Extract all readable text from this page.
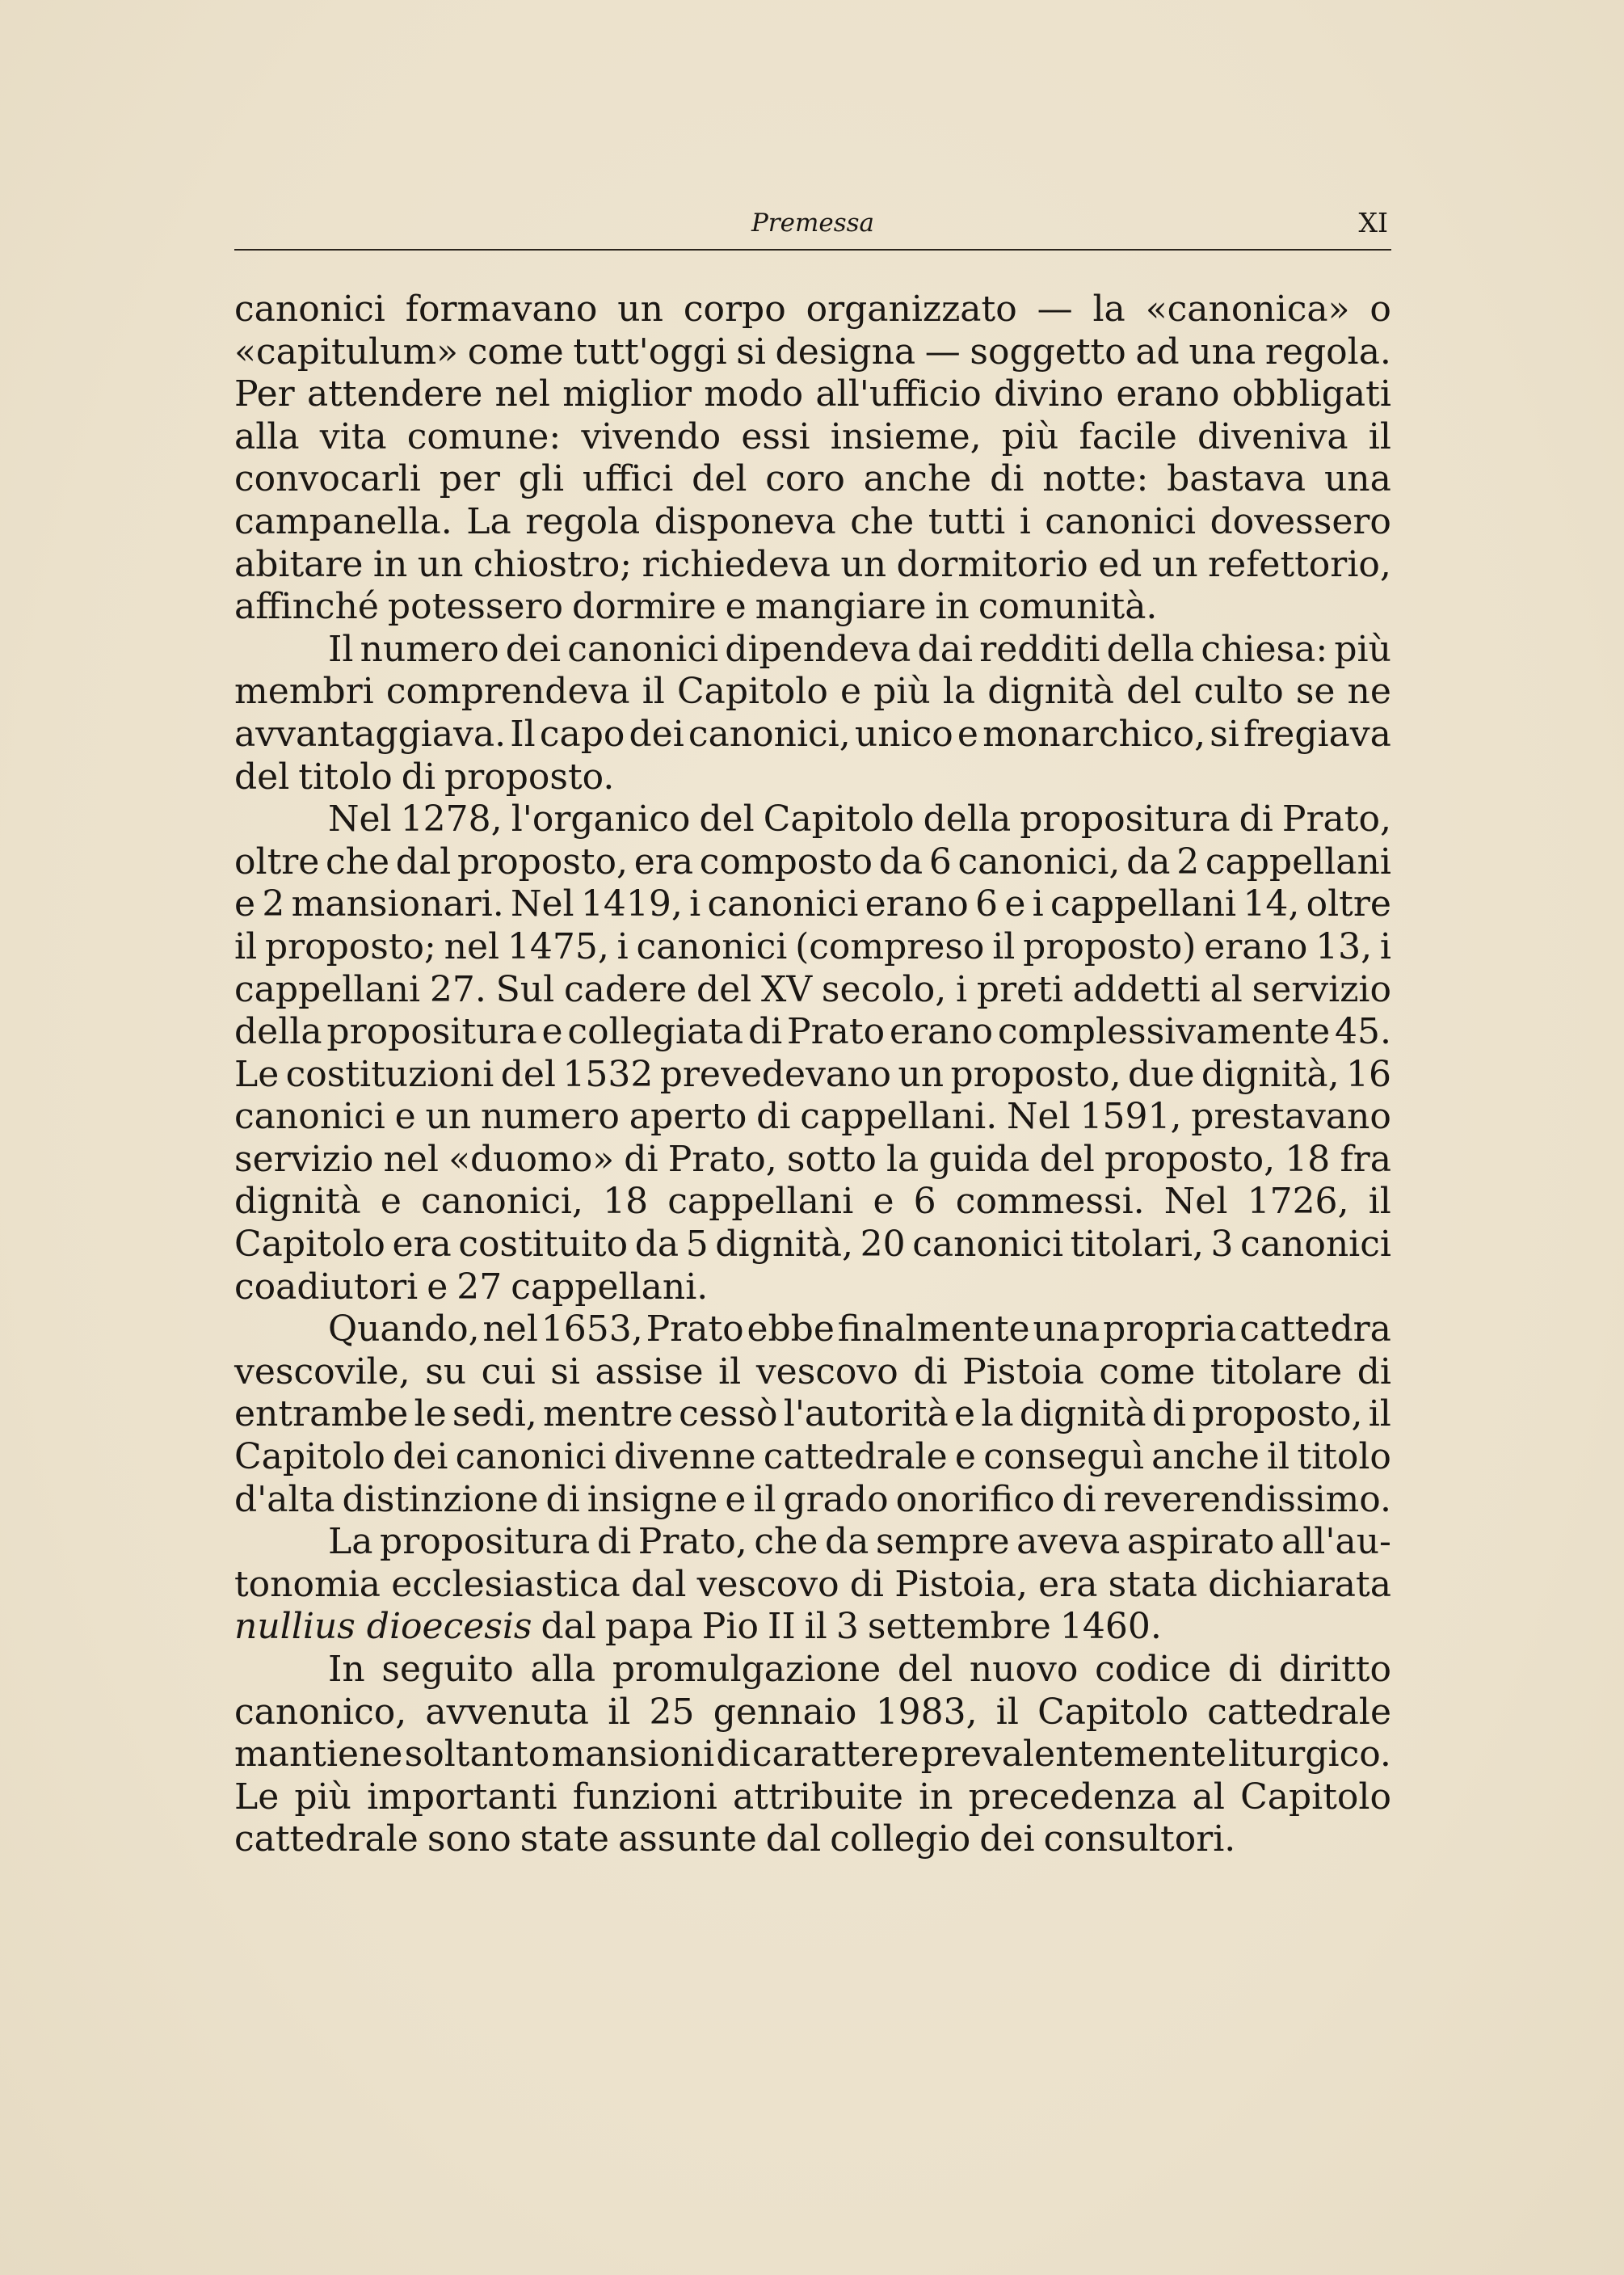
Premessa	XI
canonici formavano un corpo organizzato — la «canonica» o
«capitulum» come tutt'oggi si designa — soggetto ad una regola.
Per attendere nel miglior modo all'ufficio divino erano obbligati
alla vita comune: vivendo essi insieme, più facile diveniva il
convocarli per gli uffici del coro anche di notte: bastava una
campanella. La regola disponeva che tutti i canonici dovessero
abitare in un chiostro; richiedeva un dormitorio ed un refettorio,
affinché potessero dormire e mangiare in comunità.
Il numero dei canonici dipendeva dai redditi della chiesa: più
membri comprendeva il Capitolo e più la dignità del culto se ne
avvantaggiava. Il capo dei canonici, unico e monarchico, si fregiava
del titolo di proposto.
Nel 1278, l'organico del Capitolo della propositura di Prato,
oltre che dal proposto, era composto da 6 canonici, da 2 cappellani
e 2 mansionari. Nel 1419, i canonici erano 6 e i cappellani 14, oltre
il proposto; nel 1475, i canonici (compreso il proposto) erano 13, i
cappellani 27. Sul cadere del XV secolo, i preti addetti al servizio
della propositura e collegiata di Prato erano complessivamente 45.
Le costituzioni del 1532 prevedevano un proposto, due dignità, 16
canonici e un numero aperto di cappellani. Nel 1591, prestavano
servizio nel «duomo» di Prato, sotto la guida del proposto, 18 fra
dignità e canonici, 18 cappellani e 6 commessi. Nel 1726, il
Capitolo era costituito da 5 dignità, 20 canonici titolari, 3 canonici
coadiutori e 27 cappellani.
Quando, nel 1653, Prato ebbe finalmente una propria cattedra
vescovile, su cui si assise il vescovo di Pistoia come titolare di
entrambe le sedi, mentre cessò l'autorità e la dignità di proposto, il
Capitolo dei canonici divenne cattedrale e conseguì anche il titolo
d'alta distinzione di insigne e il grado onorifico di reverendissimo.
La propositura di Prato, che da sempre aveva aspirato all'au-
tonomia ecclesiastica dal vescovo di Pistoia, era stata dichiarata
nullius dioecesis dal papa Pio II il 3 settembre 1460.
In seguito alla promulgazione del nuovo codice di diritto
canonico, avvenuta il 25 gennaio 1983, il Capitolo cattedrale
mantiene soltanto mansioni di carattere prevalentemente liturgico.
Le più importanti funzioni attribuite in precedenza al Capitolo
cattedrale sono state assunte dal collegio dei consultori.
